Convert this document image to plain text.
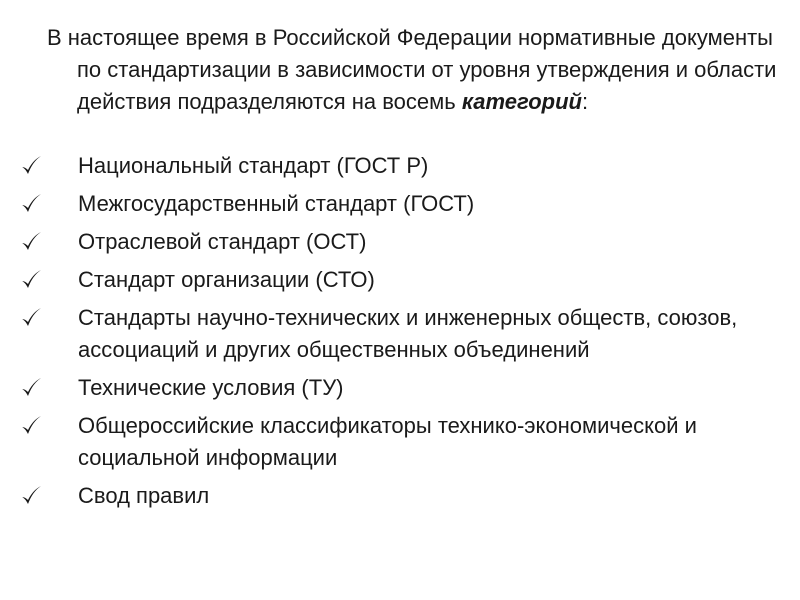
В настоящее время в Российской Федерации нормативные документы по стандартизации в зависимости от уровня утверждения и области действия подразделяются на восемь категорий:

Национальный стандарт (ГОСТ Р)
Межгосударственный стандарт (ГОСТ)
Отраслевой стандарт (ОСТ)
Стандарт организации (СТО)
Стандарты научно-технических и инженерных обществ, союзов, ассоциаций и других общественных объединений
Технические условия (ТУ)
Общероссийские классификаторы технико-экономической и социальной информации
Свод правил
